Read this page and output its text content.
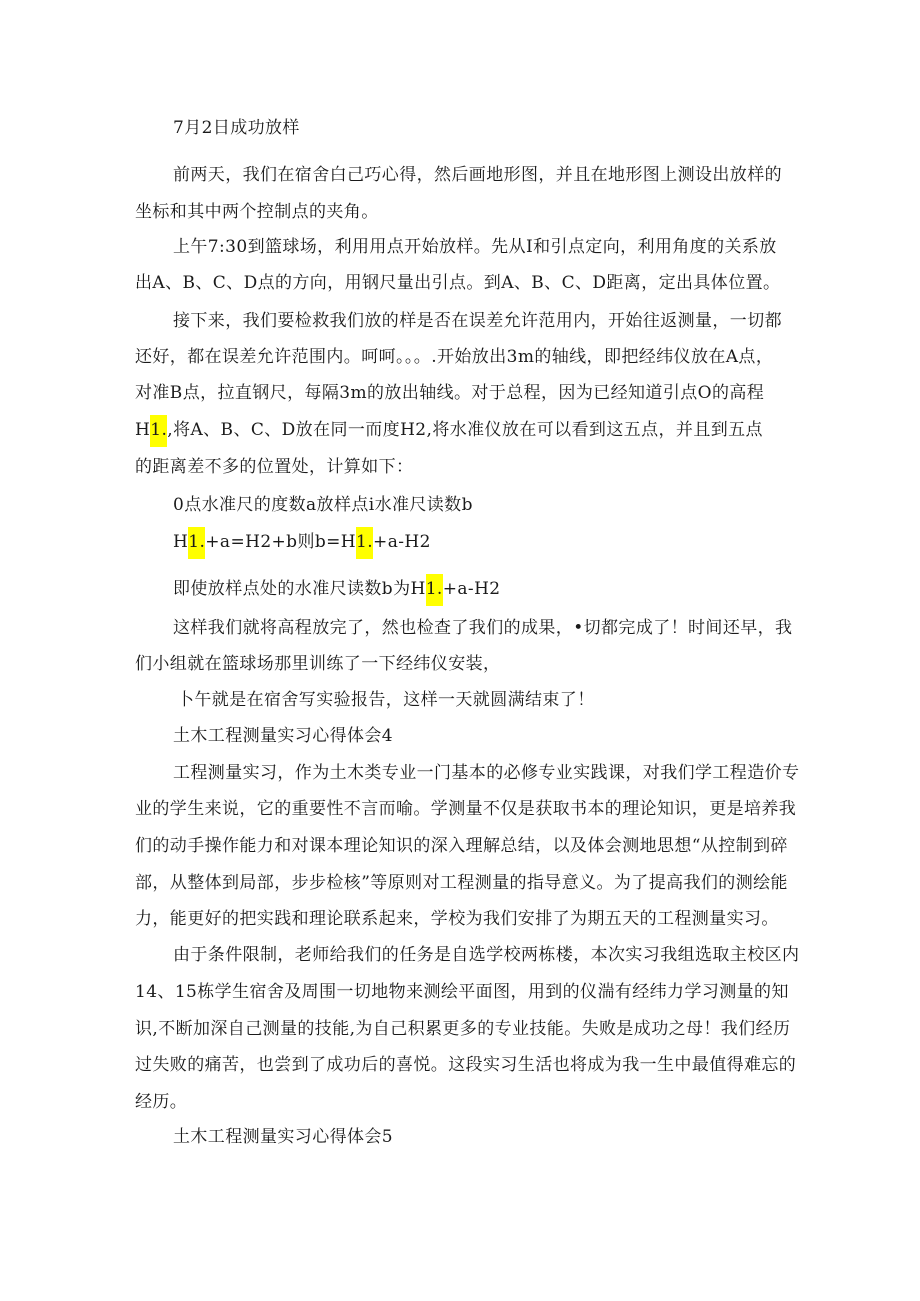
7月2日成功放样
前两天，我们在宿舍白己巧心得，然后画地形图，并且在地形图上测设出放样的
坐标和其中两个控制点的夹角。
上午7:30到篮球场，利用用点开始放样。先从I和引点定向，利用角度的关系放
出A、B、C、D点的方向，用钢尺量出引点。到A、B、C、D距离，定出具体位置。
接下来，我们要检救我们放的样是否在误差允许范用内，开始往返测量，一切都
还好，都在误差允许范围内。呵呵。。。.开始放出3m的轴线，即把经纬仪放在A点，
对准B点，拉直钢尺，每隔3m的放出轴线。对于总程，因为已经知道引点O的高程
H1.,将A、B、C、D放在同一而度H2,将水准仪放在可以看到这五点，并且到五点
的距离差不多的位置处，计算如下：
0点水准尺的度数a放样点i水准尺读数b
H1.+a=H2+b则b=H1.+a-H2
即使放样点处的水准尺读数b为H1.+a-H2
这样我们就将高程放完了，然也检查了我们的成果，•切都完成了！时间还早，我
们小组就在篮球场那里训练了一下经纬仪安装，
卜午就是在宿舍写实验报告，这样一天就圆满结束了！
土木工程测量实习心得体会4
工程测量实习，作为土木类专业一门基本的必修专业实践课，对我们学工程造价专
业的学生来说，它的重要性不言而喻。学测量不仅是获取书本的理论知识，更是培养我
们的动手操作能力和对课本理论知识的深入理解总结，以及体会测地思想“从控制到碎
部，从整体到局部，步步检核”等原则对工程测量的指导意义。为了提高我们的测绘能
力，能更好的把实践和理论联系起来，学校为我们安排了为期五天的工程测量实习。
由于条件限制，老师给我们的任务是自选学校两栋楼，本次实习我组选取主校区内
14、15栋学生宿舍及周围一切地物来测绘平面图，用到的仪湍有经纬力学习测量的知
识,不断加深自己测量的技能,为自己积累更多的专业技能。失败是成功之母！我们经历
过失败的痛苦，也尝到了成功后的喜悦。这段实习生活也将成为我一生中最值得难忘的
经历。
土木工程测量实习心得体会5
